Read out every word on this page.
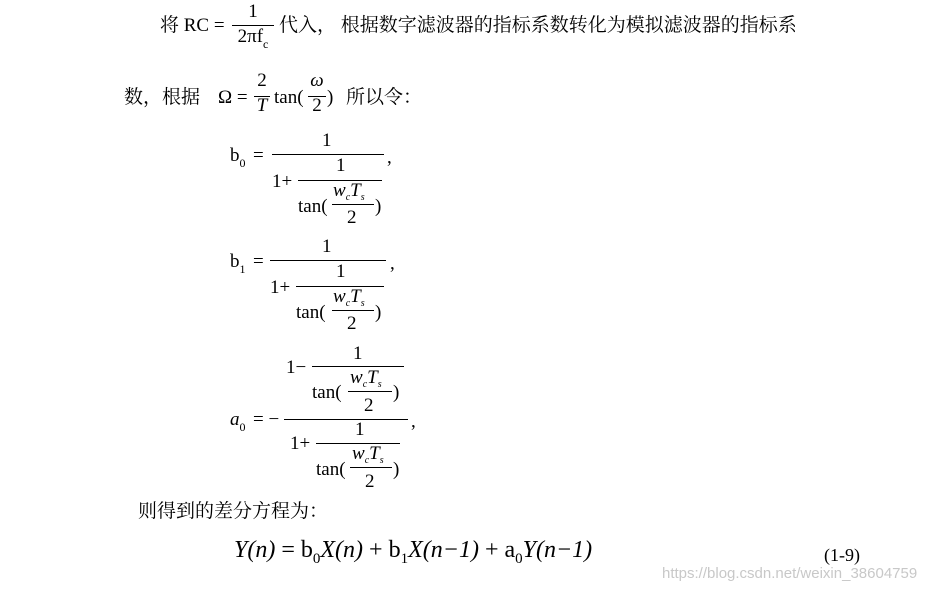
将 RC =
1
$2\pi f_c$
代入， 根据数字滤波器的指标系数转化为模拟滤波器的指标系
数，根据 Ω =
2
T tan(
ω
2 ) 所以令：
$b_0$ =
1
1+
1
tan(
$w_cT_s$
2
)
,
$b_1$ =
1
1+
1
tan(
$w_cT_s$
2
)
,
$a_0$ = −
1−
1
tan(
$w_cT_s$
2
)
1+
1
tan(
$w_cT_s$
2
)
,
则得到的差分方程为：
$Y(n) = b_0X(n) + b_1X(n-1) + a_0Y(n-1)$	(1-9)
https://blog.csdn.net/weixin_38604759
